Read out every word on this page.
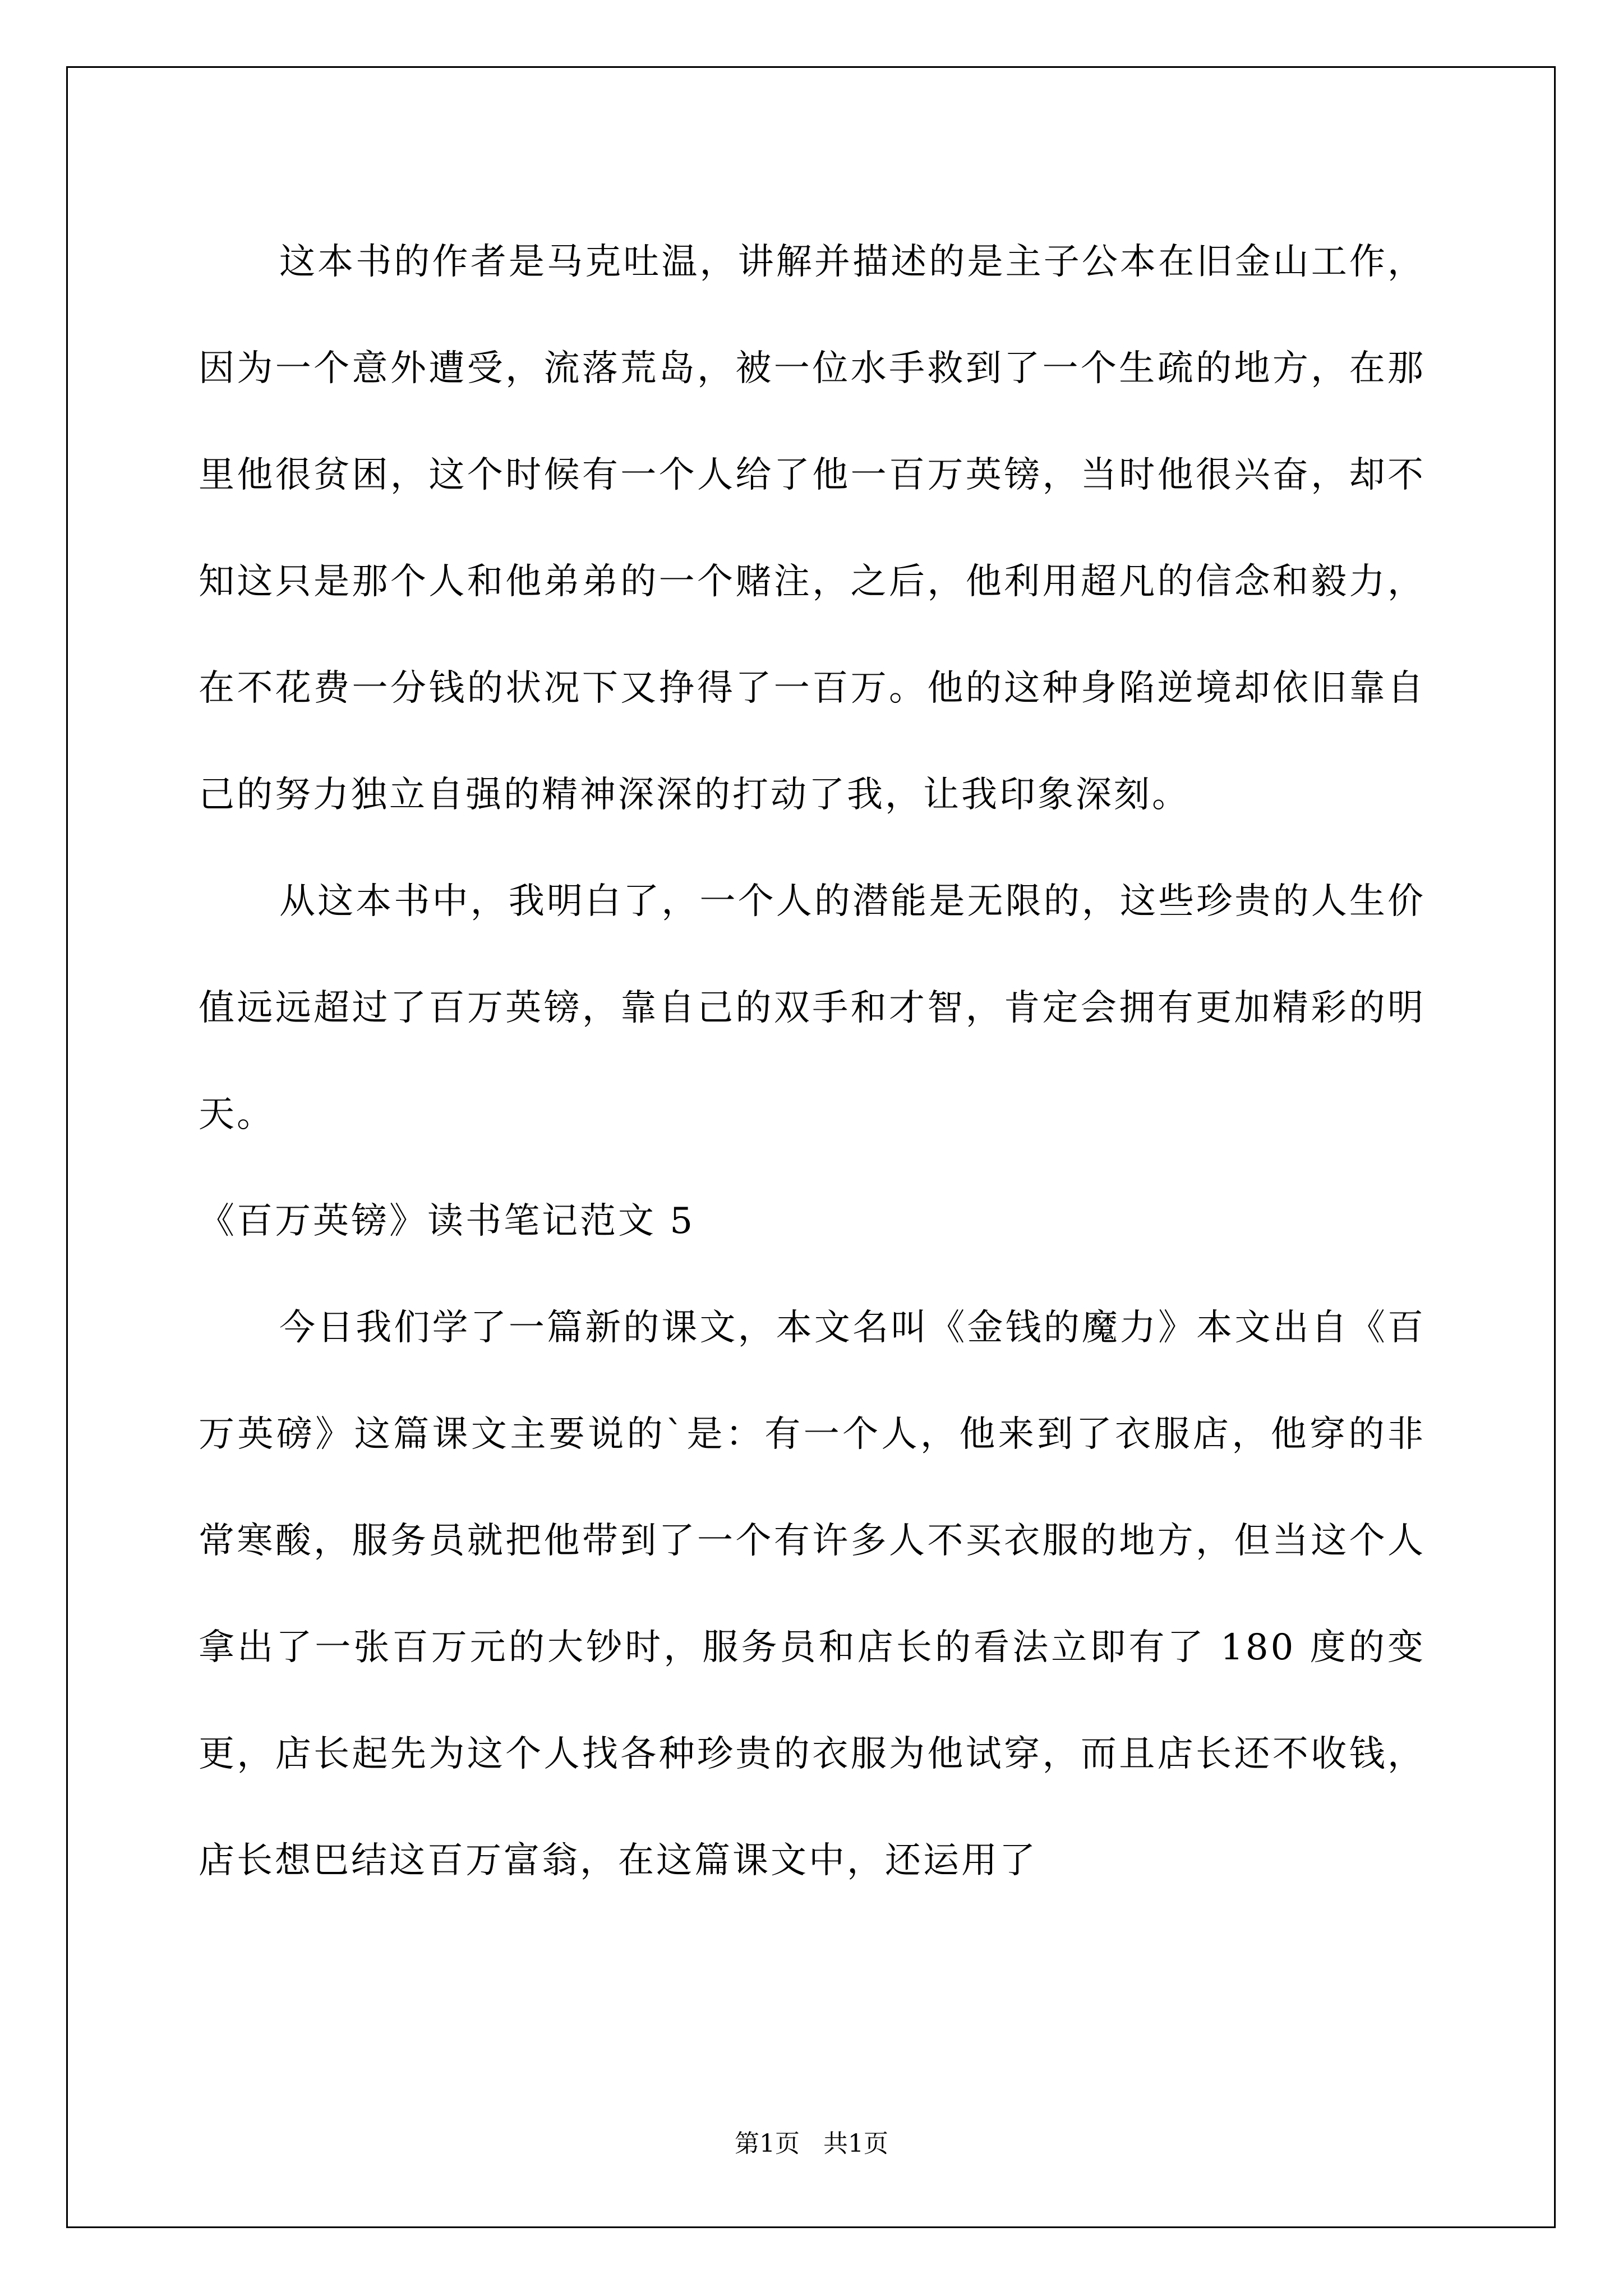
这本书的作者是马克吐温，讲解并描述的是主子公本在旧金山工作，因为一个意外遭受，流落荒岛，被一位水手救到了一个生疏的地方，在那里他很贫困，这个时候有一个人给了他一百万英镑，当时他很兴奋，却不知这只是那个人和他弟弟的一个赌注，之后，他利用超凡的信念和毅力，在不花费一分钱的状况下又挣得了一百万。他的这种身陷逆境却依旧靠自己的努力独立自强的精神深深的打动了我，让我印象深刻。

从这本书中，我明白了，一个人的潜能是无限的，这些珍贵的人生价值远远超过了百万英镑，靠自己的双手和才智，肯定会拥有更加精彩的明天。

《百万英镑》读书笔记范文 5

今日我们学了一篇新的课文，本文名叫《金钱的魔力》本文出自《百万英磅》这篇课文主要说的`是：有一个人，他来到了衣服店，他穿的非常寒酸，服务员就把他带到了一个有许多人不买衣服的地方，但当这个人拿出了一张百万元的大钞时，服务员和店长的看法立即有了 180 度的变更，店长起先为这个人找各种珍贵的衣服为他试穿，而且店长还不收钱，店长想巴结这百万富翁，在这篇课文中，还运用了

第1页 共1页
